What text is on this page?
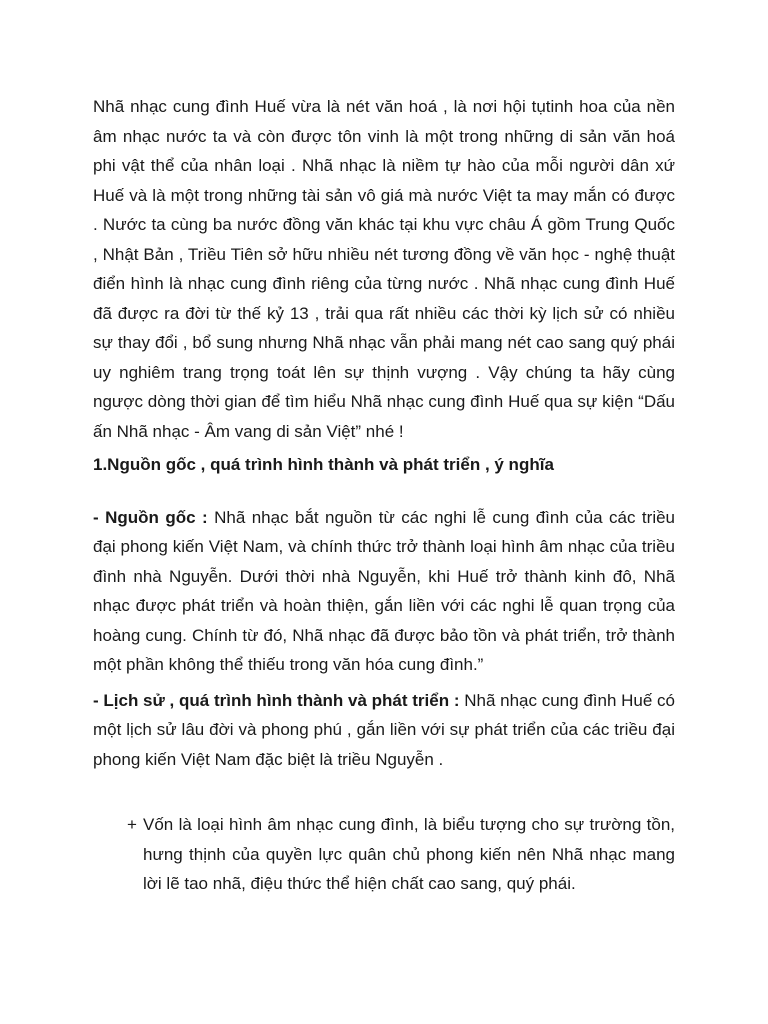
Nhã nhạc cung đình Huế vừa là nét văn hoá , là nơi hội tụtinh hoa của nền âm nhạc nước ta và còn được tôn vinh là một trong những di sản văn hoá phi vật thể của nhân loại . Nhã nhạc là niềm tự hào của mỗi người dân xứ Huế và là một trong những tài sản vô giá mà nước Việt ta may mắn có được . Nước ta cùng ba nước đồng văn khác tại khu vực châu Á gồm Trung Quốc , Nhật Bản , Triều Tiên sở hữu nhiều nét tương đồng về văn học - nghệ thuật điển hình là nhạc cung đình riêng của từng nước . Nhã nhạc cung đình Huế đã được ra đời từ thế kỷ 13 , trải qua rất nhiều các thời kỳ lịch sử có nhiều sự thay đổi , bổ sung nhưng Nhã nhạc vẫn phải mang nét cao sang quý phái uy nghiêm trang trọng toát lên sự thịnh vượng . Vậy chúng ta hãy cùng ngược dòng thời gian để tìm hiểu Nhã nhạc cung đình Huế qua sự kiện “Dấu ấn Nhã nhạc - Âm vang di sản Việt” nhé !

1.Nguồn gốc , quá trình hình thành và phát triển , ý nghĩa

- Nguồn gốc : Nhã nhạc bắt nguồn từ các nghi lễ cung đình của các triều đại phong kiến Việt Nam, và chính thức trở thành loại hình âm nhạc của triều đình nhà Nguyễn. Dưới thời nhà Nguyễn, khi Huế trở thành kinh đô, Nhã nhạc được phát triển và hoàn thiện, gắn liền với các nghi lễ quan trọng của hoàng cung. Chính từ đó, Nhã nhạc đã được bảo tồn và phát triển, trở thành một phần không thể thiếu trong văn hóa cung đình.”

- Lịch sử , quá trình hình thành và phát triển : Nhã nhạc cung đình Huế có một lịch sử lâu đời và phong phú , gắn liền với sự phát triển của các triều đại phong kiến Việt Nam đặc biệt là triều Nguyễn .

+ Vốn là loại hình âm nhạc cung đình, là biểu tượng cho sự trường tồn, hưng thịnh của quyền lực quân chủ phong kiến nên Nhã nhạc mang lời lẽ tao nhã, điệu thức thể hiện chất cao sang, quý phái.
